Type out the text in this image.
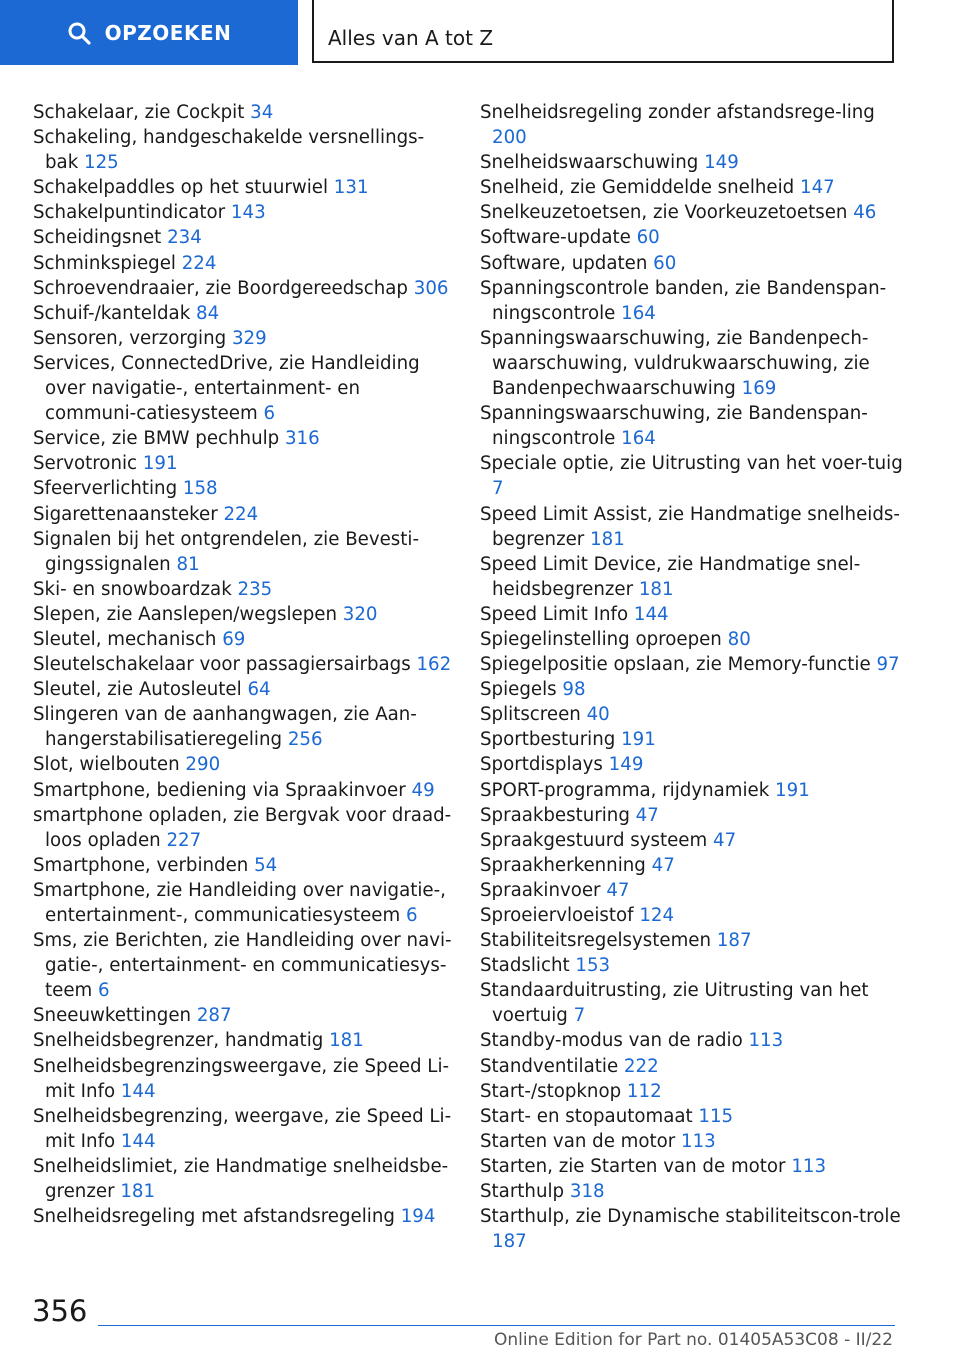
OPZOEKEN	Alles van A tot Z
Schakelaar, zie Cockpit 34
Schakeling, handgeschakelde versnellings-bak 125
Schakelpaddles op het stuurwiel 131
Schakelpuntindicator 143
Scheidingsnet 234
Schminkspiegel 224
Schroevendraaier, zie Boordgereedschap 306
Schuif-/kanteldak 84
Sensoren, verzorging 329
Services, ConnectedDrive, zie Handleiding over navigatie-, entertainment- en communi-catiesysteem 6
Service, zie BMW pechhulp 316
Servotronic 191
Sfeerverlichting 158
Sigarettenaansteker 224
Signalen bij het ontgrendelen, zie Bevesti-gingssignalen 81
Ski- en snowboardzak 235
Slepen, zie Aanslepen/wegslepen 320
Sleutel, mechanisch 69
Sleutelschakelaar voor passagiersairbags 162
Sleutel, zie Autosleutel 64
Slingeren van de aanhangwagen, zie Aan-hangerstabilisatieregeling 256
Slot, wielbouten 290
Smartphone, bediening via Spraakinvoer 49
smartphone opladen, zie Bergvak voor draad-loos opladen 227
Smartphone, verbinden 54
Smartphone, zie Handleiding over navigatie-, entertainment-, communicatiesysteem 6
Sms, zie Berichten, zie Handleiding over navi-gatie-, entertainment- en communicatiesys-teem 6
Sneeuwkettingen 287
Snelheidsbegrenzer, handmatig 181
Snelheidsbegrenzingsweergave, zie Speed Li-mit Info 144
Snelheidsbegrenzing, weergave, zie Speed Li-mit Info 144
Snelheidslimiet, zie Handmatige snelheidsbe-grenzer 181
Snelheidsregeling met afstandsregeling 194
Snelheidsregeling zonder afstandsrege-ling 200
Snelheidswaarschuwing 149
Snelheid, zie Gemiddelde snelheid 147
Snelkeuzetoetsen, zie Voorkeuzetoetsen 46
Software-update 60
Software, updaten 60
Spanningscontrole banden, zie Bandenspan-ningscontrole 164
Spanningswaarschuwing, zie Bandenpech-waarschuwing, vuldrukwaarschuwing, zie Bandenpechwaarschuwing 169
Spanningswaarschuwing, zie Bandenspan-ningscontrole 164
Speciale optie, zie Uitrusting van het voer-tuig 7
Speed Limit Assist, zie Handmatige snelheids-begrenzer 181
Speed Limit Device, zie Handmatige snel-heidsbegrenzer 181
Speed Limit Info 144
Spiegelinstelling oproepen 80
Spiegelpositie opslaan, zie Memory-functie 97
Spiegels 98
Splitscreen 40
Sportbesturing 191
Sportdisplays 149
SPORT-programma, rijdynamiek 191
Spraakbesturing 47
Spraakgestuurd systeem 47
Spraakherkenning 47
Spraakinvoer 47
Sproeiervloeistof 124
Stabiliteitsregelsystemen 187
Stadslicht 153
Standaarduitrusting, zie Uitrusting van het voertuig 7
Standby-modus van de radio 113
Standventilatie 222
Start-/stopknop 112
Start- en stopautomaat 115
Starten van de motor 113
Starten, zie Starten van de motor 113
Starthulp 318
Starthulp, zie Dynamische stabiliteitscon-trole 187
356
Online Edition for Part no. 01405A53C08 - II/22
